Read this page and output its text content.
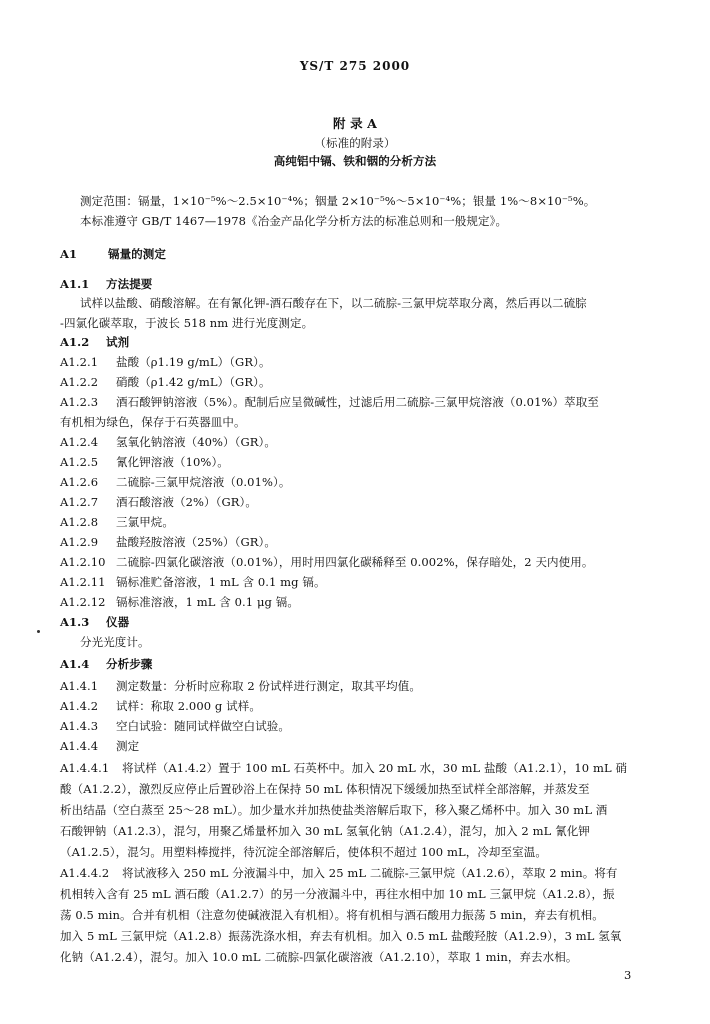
YS/T 275 2000
附 录 A
（标准的附录）
高纯铝中镉、铁和铟的分析方法
测定范围：镉量，1×10⁻⁵%～2.5×10⁻⁴%；铟量 2×10⁻⁵%～5×10⁻⁴%；银量 1%～8×10⁻⁵%。
本标准遵守 GB/T 1467—1978《冶金产品化学分析方法的标准总则和一般规定》。
A1	镉量的测定
A1.1 方法提要
试样以盐酸、硝酸溶解。在有氰化钾-酒石酸存在下，以二硫腙-三氯甲烷萃取分离，然后再以二硫腙
-四氯化碳萃取，于波长 518 nm 进行光度测定。
A1.2 试剂
A1.2.1 盐酸（ρ1.19 g/mL）（GR）。
A1.2.2 硝酸（ρ1.42 g/mL）（GR）。
A1.2.3 酒石酸钾钠溶液（5%）。配制后应呈微碱性，过滤后用二硫腙-三氯甲烷溶液（0.01%）萃取至
有机相为绿色，保存于石英器皿中。
A1.2.4 氢氧化钠溶液（40%）（GR）。
A1.2.5 氰化钾溶液（10%）。
A1.2.6 二硫腙-三氯甲烷溶液（0.01%）。
A1.2.7 酒石酸溶液（2%）（GR）。
A1.2.8 三氯甲烷。
A1.2.9 盐酸羟胺溶液（25%）（GR）。
A1.2.10 二硫腙-四氯化碳溶液（0.01%），用时用四氯化碳稀释至 0.002%，保存暗处，2 天内使用。
A1.2.11 镉标准贮备溶液，1 mL 含 0.1 mg 镉。
A1.2.12 镉标准溶液，1 mL 含 0.1 μg 镉。
A1.3 仪器
分光光度计。
A1.4 分析步骤
A1.4.1 测定数量：分析时应称取 2 份试样进行测定，取其平均值。
A1.4.2 试样：称取 2.000 g 试样。
A1.4.3 空白试验：随同试样做空白试验。
A1.4.4 测定
A1.4.4.1 将试样（A1.4.2）置于 100 mL 石英杯中。加入 20 mL 水，30 mL 盐酸（A1.2.1），10 mL 硝
酸（A1.2.2），激烈反应停止后置砂浴上在保持 50 mL 体积情况下缓缓加热至试样全部溶解，并蒸发至
析出结晶（空白蒸至 25～28 mL）。加少量水并加热使盐类溶解后取下，移入聚乙烯杯中。加入 30 mL 酒
石酸钾钠（A1.2.3），混匀，用聚乙烯量杯加入 30 mL 氢氧化钠（A1.2.4），混匀，加入 2 mL 氰化钾
（A1.2.5），混匀。用塑料棒搅拌，待沉淀全部溶解后，使体积不超过 100 mL，冷却至室温。
A1.4.4.2 将试液移入 250 mL 分液漏斗中，加入 25 mL 二硫腙-三氯甲烷（A1.2.6），萃取 2 min。将有
机相转入含有 25 mL 酒石酸（A1.2.7）的另一分液漏斗中，再往水相中加 10 mL 三氯甲烷（A1.2.8），振
荡 0.5 min。合并有机相（注意勿使碱液混入有机相）。将有机相与酒石酸用力振荡 5 min，弃去有机相。
加入 5 mL 三氯甲烷（A1.2.8）振荡洗涤水相，弃去有机相。加入 0.5 mL 盐酸羟胺（A1.2.9），3 mL 氢氧
化钠（A1.2.4），混匀。加入 10.0 mL 二硫腙-四氯化碳溶液（A1.2.10），萃取 1 min，弃去水相。
3
